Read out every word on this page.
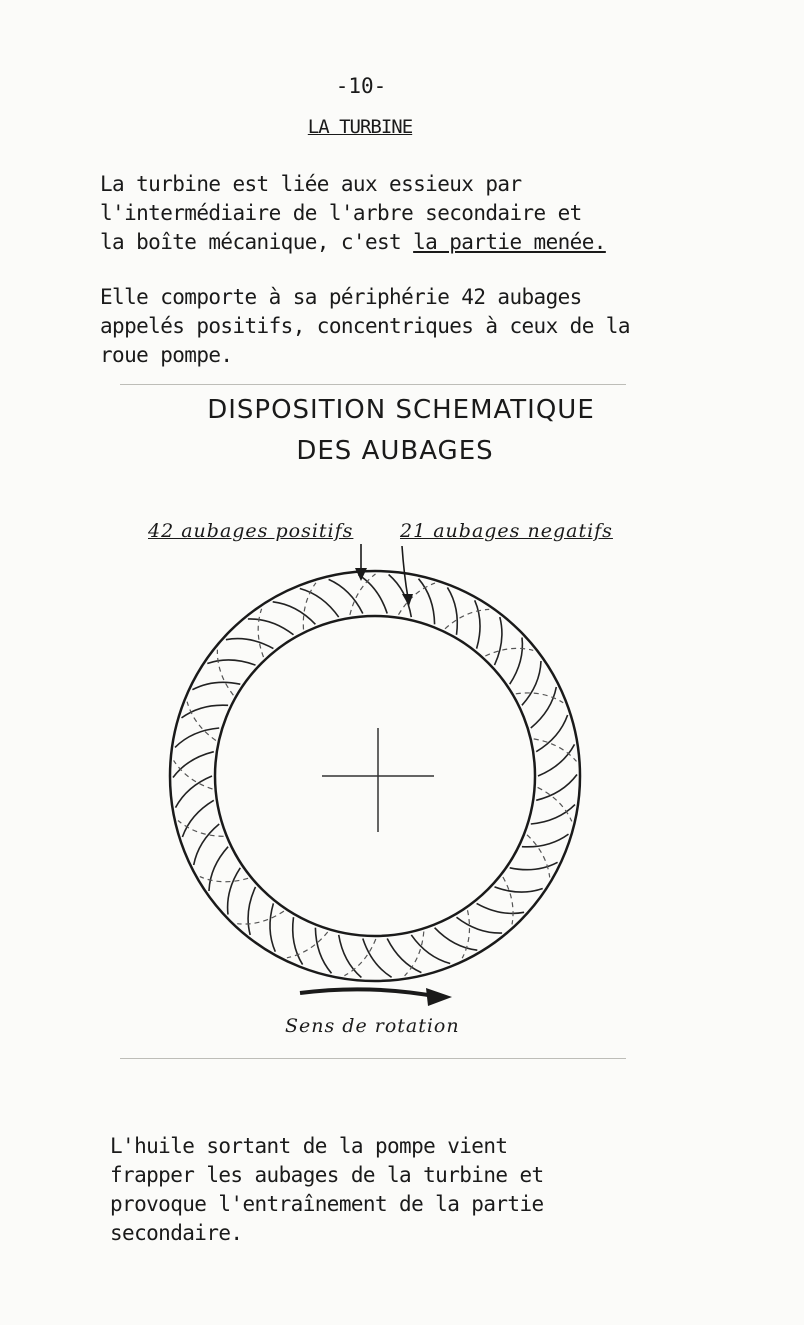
-10-
LA TURBINE
La turbine est liée aux essieux par
l'intermédiaire de l'arbre secondaire et
la boîte mécanique, c'est la partie menée.
Elle comporte à sa périphérie 42 aubages
appelés positifs, concentriques à ceux de la
roue pompe.
DISPOSITION SCHEMATIQUE
DES AUBAGES
42 aubages positifs 21 aubages negatifs
Sens de rotation
L'huile sortant de la pompe vient
frapper les aubages de la turbine et
provoque l'entraînement de la partie
secondaire.
